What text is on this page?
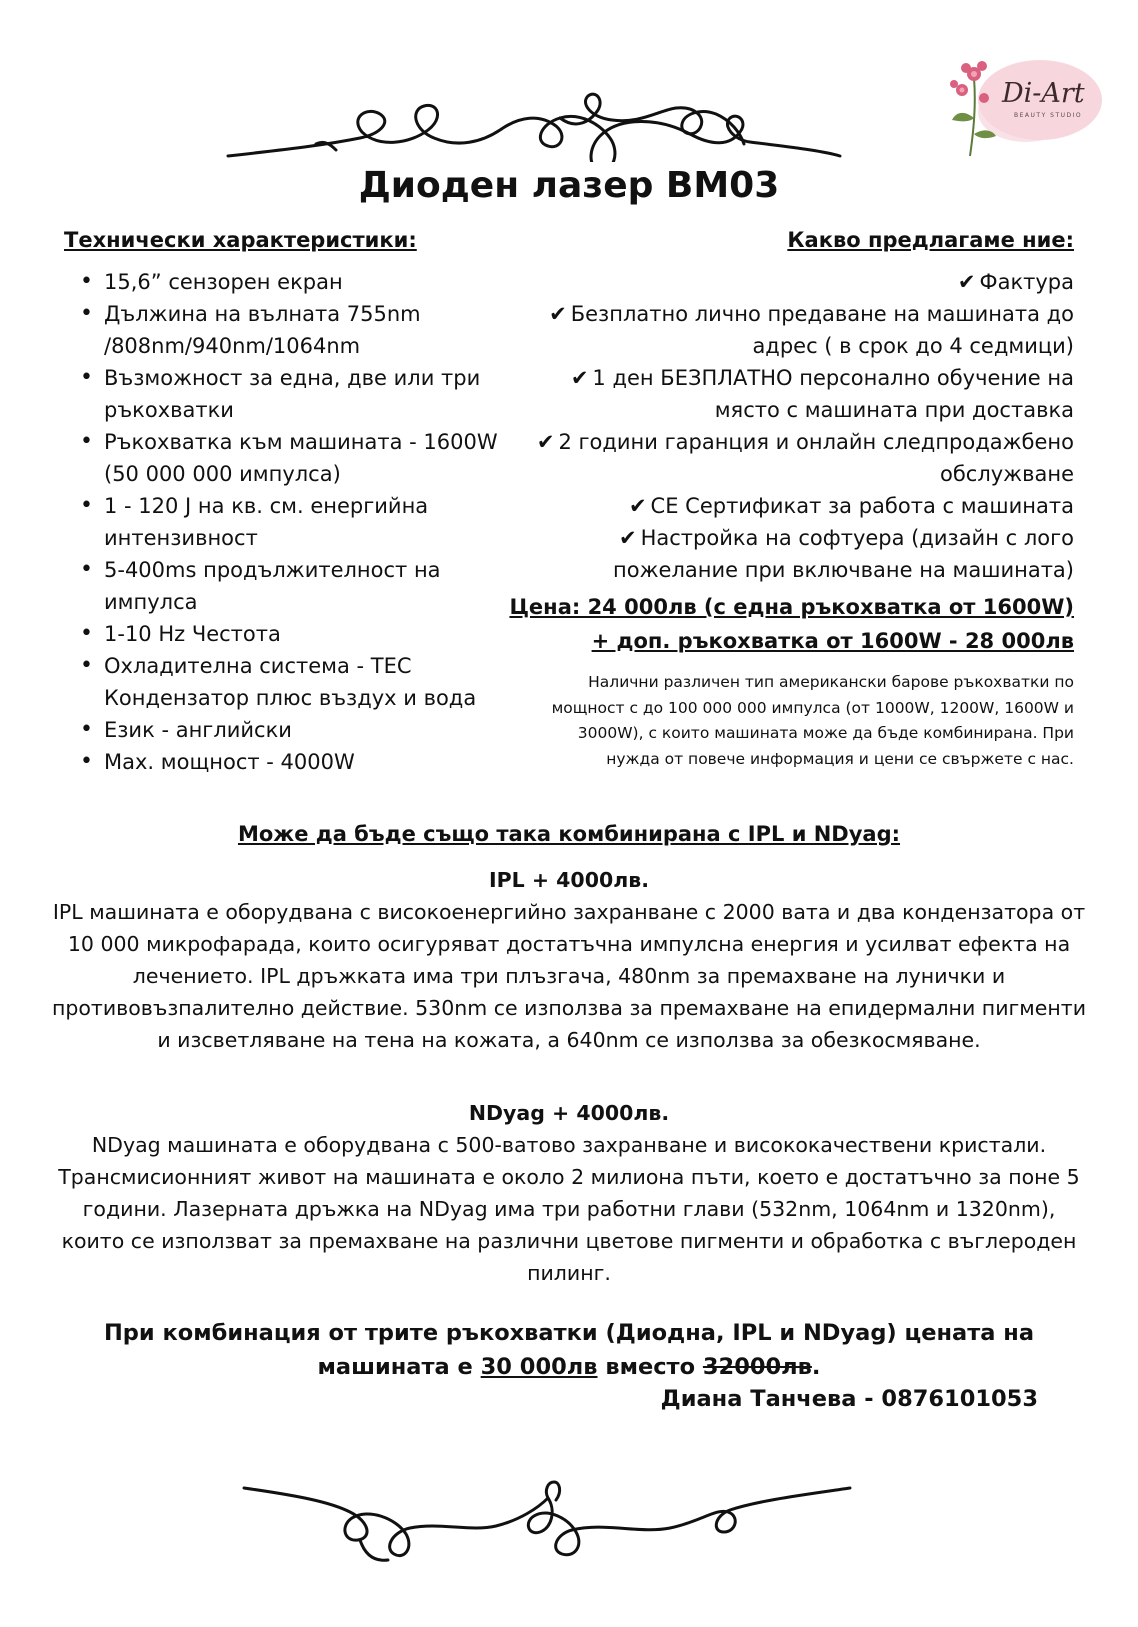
Di-Art
BEAUTY STUDIO
Диоден лазер BM03
Технически характеристики:	Какво предлагаме ние:
• 15,6” сензорен екран
• Дължина на вълната 755nm /808nm/940nm/1064nm
• Възможност за една, две или три ръкохватки
• Ръкохватка към машината - 1600W (50 000 000 импулса)
• 1 - 120 J на кв. см. енергийна интензивност
• 5-400ms продължителност на импулса
• 1-10 Hz Честота
• Охладителна система - ТЕС Кондензатор плюс въздух и вода
• Език - английски
• Max. мощност - 4000W
✔ Фактура
✔ Безплатно лично предаване на машината до адрес ( в срок до 4 седмици)
✔ 1 ден БЕЗПЛАТНО персонално обучение на място с машината при доставка
✔ 2 години гаранция и онлайн следпродажбено обслужване
✔ СЕ Сертификат за работа с машината
✔ Настройка на софтуера (дизайн с лого пожелание при включване на машината)
Цена: 24 000лв (с една ръкохватка от 1600W)
+ доп. ръкохватка от 1600W - 28 000лв
Налични различен тип американски барове ръкохватки по мощност с до 100 000 000 импулса (от 1000W, 1200W, 1600W и 3000W), с които машината може да бъде комбинирана. При нужда от повече информация и цени се свържете с нас.
Може да бъде също така комбинирана с IPL и NDyag:
IPL + 4000лв.
IPL машината е оборудвана с високоенергийно захранване с 2000 вата и два кондензатора от 10 000 микрофарада, които осигуряват достатъчна импулсна енергия и усилват ефекта на лечението. IPL дръжката има три плъзгача, 480nm за премахване на лунички и противовъзпалително действие. 530nm се използва за премахване на епидермални пигменти и изсветляване на тена на кожата, а 640nm се използва за обезкосмяване.
NDyag + 4000лв.
NDyag машината е оборудвана с 500-ватово захранване и висококачествени кристали. Трансмисионният живот на машината е около 2 милиона пъти, което е достатъчно за поне 5 години. Лазерната дръжка на NDyag има три работни глави (532nm, 1064nm и 1320nm), които се използват за премахване на различни цветове пигменти и обработка с въглероден пилинг.
При комбинация от трите ръкохватки (Диодна, IPL и NDyag) цената на машината е 30 000лв вместо 32000лв.
Диана Танчева - 0876101053
